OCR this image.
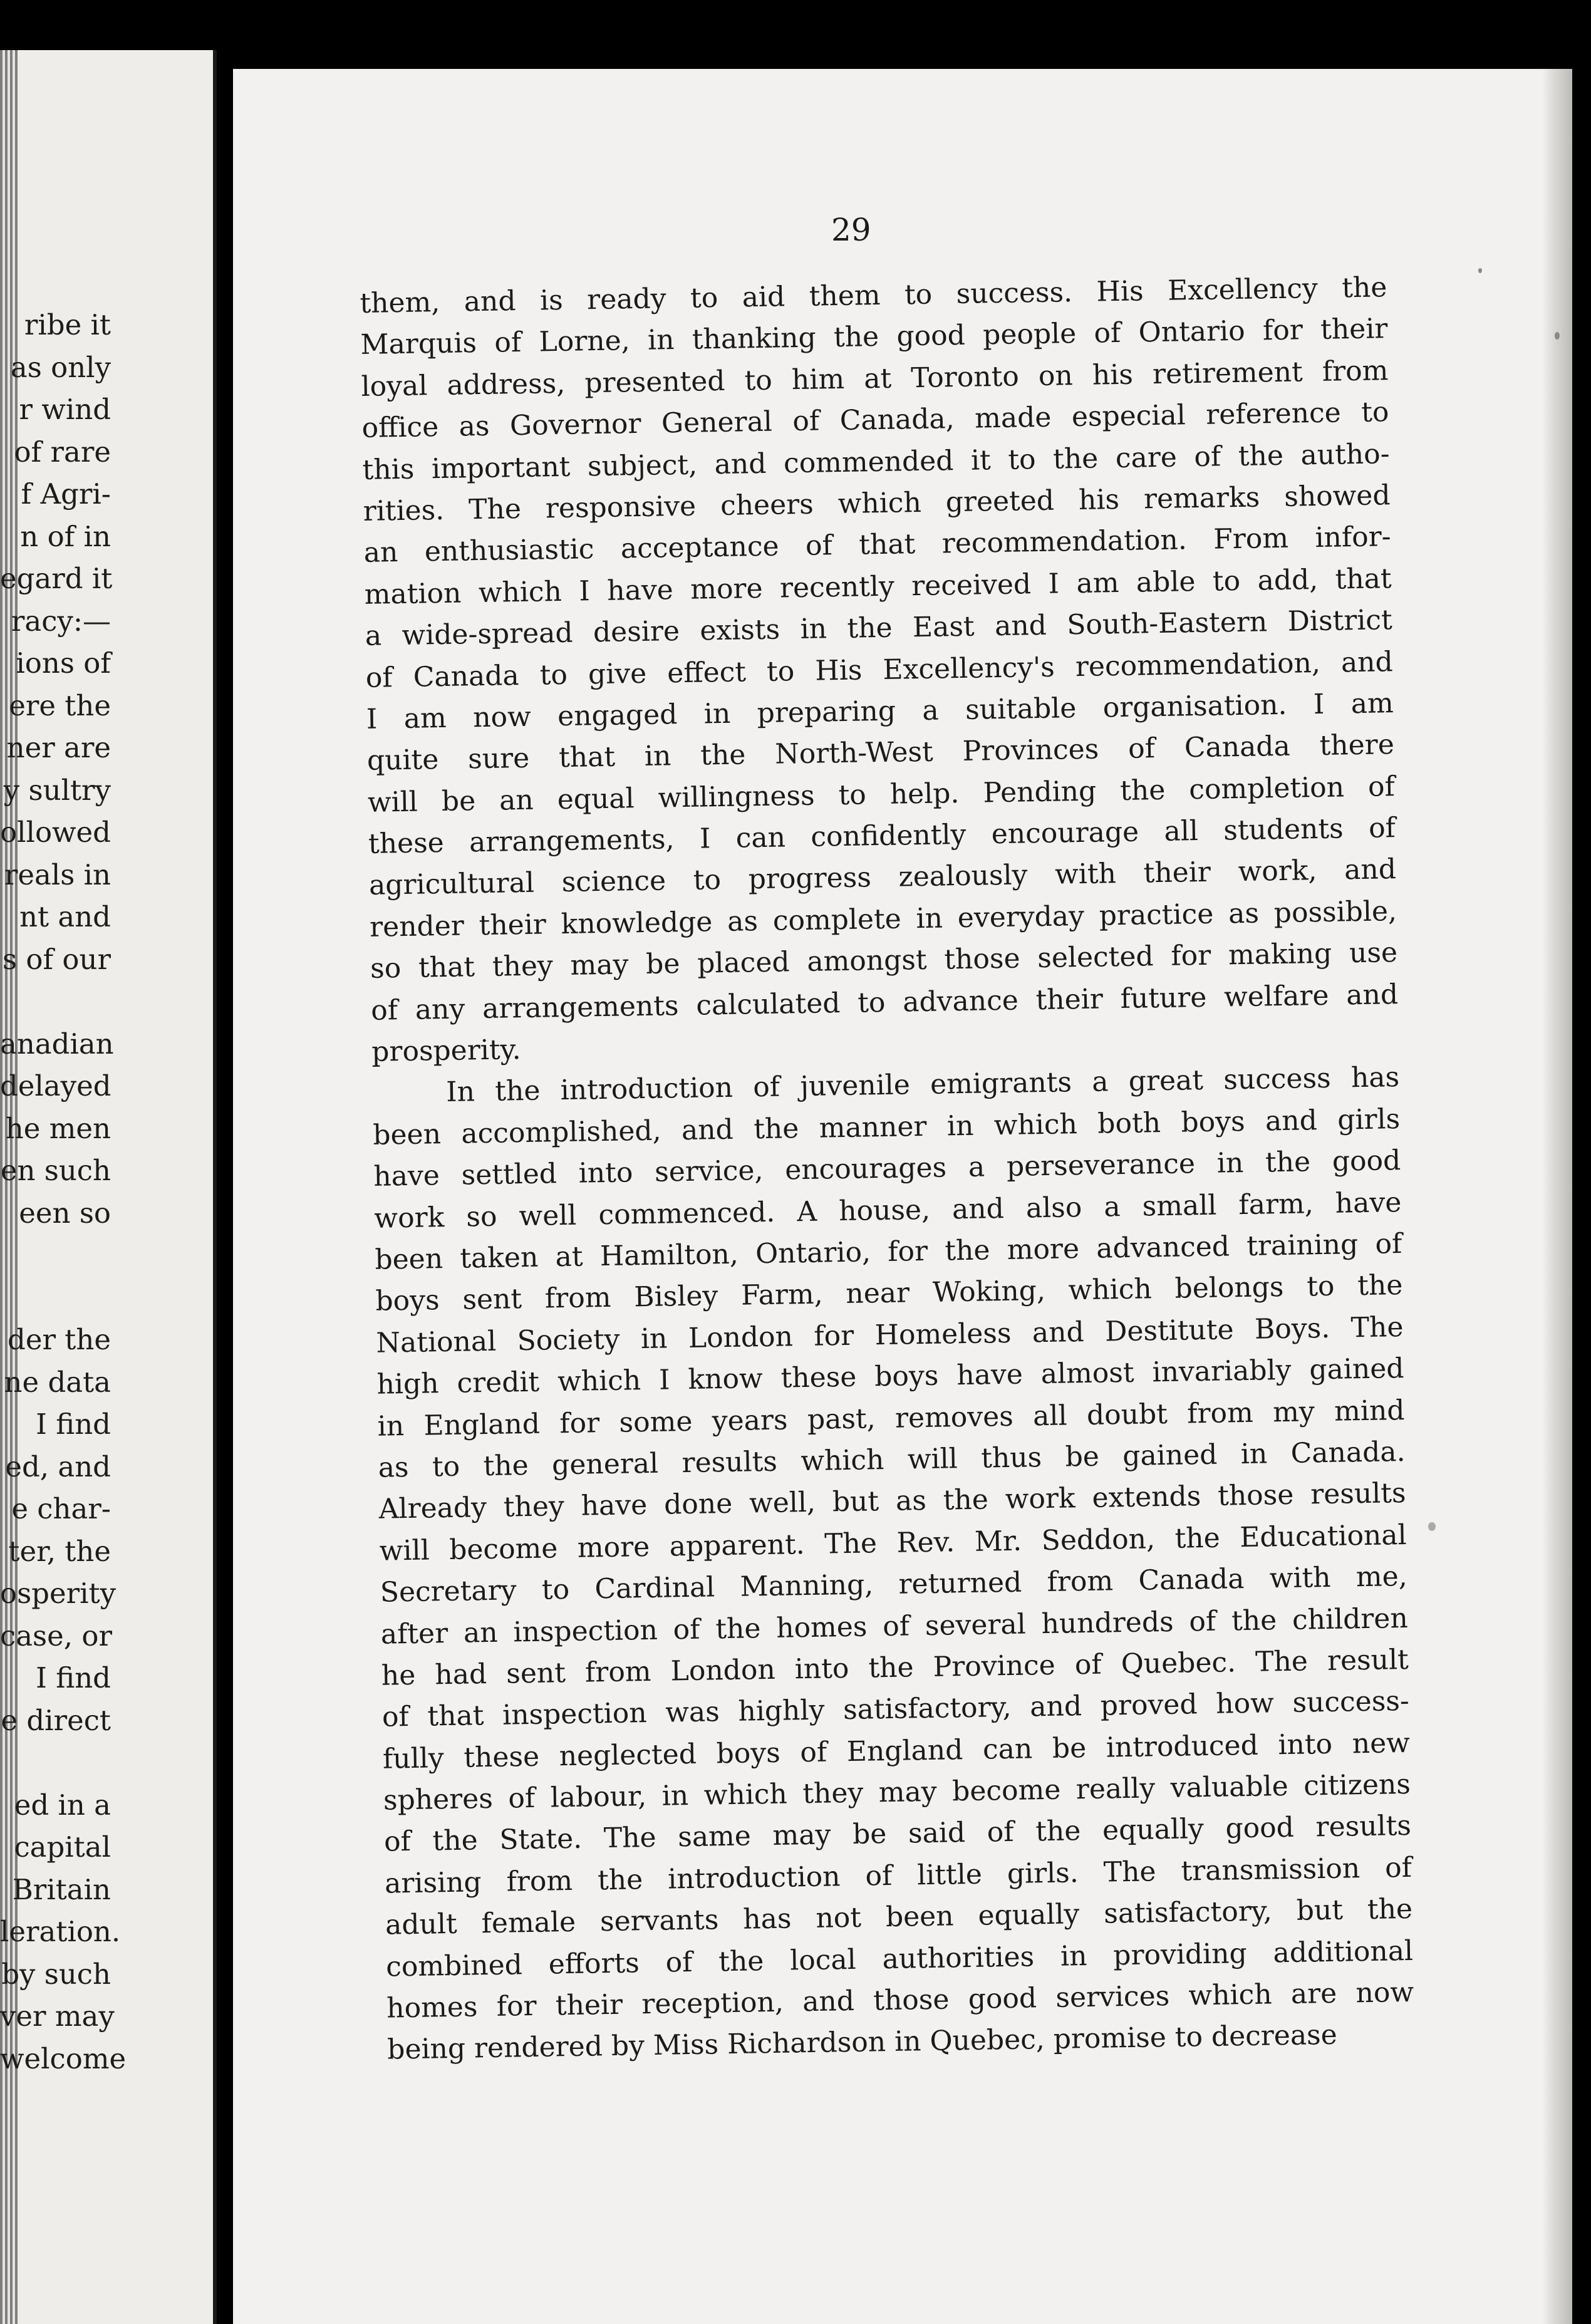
ribe it
as only
r wind
of rare
f Agri-
n of in
egard it
racy:—
ions of
ere the
ner are
y sultry
ollowed
reals in
nt and
s of our
anadian
delayed
he men
en such
een so
der the
ne data
I find
ed, and
e char-
ter, the
osperity
case, or
I find
e direct
ed in a
capital
Britain
leration.
by such
ver may
welcome
29
them, and is ready to aid them to success. His Excellency the
Marquis of Lorne, in thanking the good people of Ontario for their
loyal address, presented to him at Toronto on his retirement from
office as Governor General of Canada, made especial reference to
this important subject, and commended it to the care of the autho-
rities. The responsive cheers which greeted his remarks showed
an enthusiastic acceptance of that recommendation. From infor-
mation which I have more recently received I am able to add, that
a wide-spread desire exists in the East and South-Eastern District
of Canada to give effect to His Excellency's recommendation, and
I am now engaged in preparing a suitable organisation. I am
quite sure that in the North-West Provinces of Canada there
will be an equal willingness to help. Pending the completion of
these arrangements, I can confidently encourage all students of
agricultural science to progress zealously with their work, and
render their knowledge as complete in everyday practice as possible,
so that they may be placed amongst those selected for making use
of any arrangements calculated to advance their future welfare and
prosperity.
In the introduction of juvenile emigrants a great success has
been accomplished, and the manner in which both boys and girls
have settled into service, encourages a perseverance in the good
work so well commenced. A house, and also a small farm, have
been taken at Hamilton, Ontario, for the more advanced training of
boys sent from Bisley Farm, near Woking, which belongs to the
National Society in London for Homeless and Destitute Boys. The
high credit which I know these boys have almost invariably gained
in England for some years past, removes all doubt from my mind
as to the general results which will thus be gained in Canada.
Already they have done well, but as the work extends those results
will become more apparent. The Rev. Mr. Seddon, the Educational
Secretary to Cardinal Manning, returned from Canada with me,
after an inspection of the homes of several hundreds of the children
he had sent from London into the Province of Quebec. The result
of that inspection was highly satisfactory, and proved how success-
fully these neglected boys of England can be introduced into new
spheres of labour, in which they may become really valuable citizens
of the State. The same may be said of the equally good results
arising from the introduction of little girls. The transmission of
adult female servants has not been equally satisfactory, but the
combined efforts of the local authorities in providing additional
homes for their reception, and those good services which are now
being rendered by Miss Richardson in Quebec, promise to decrease
